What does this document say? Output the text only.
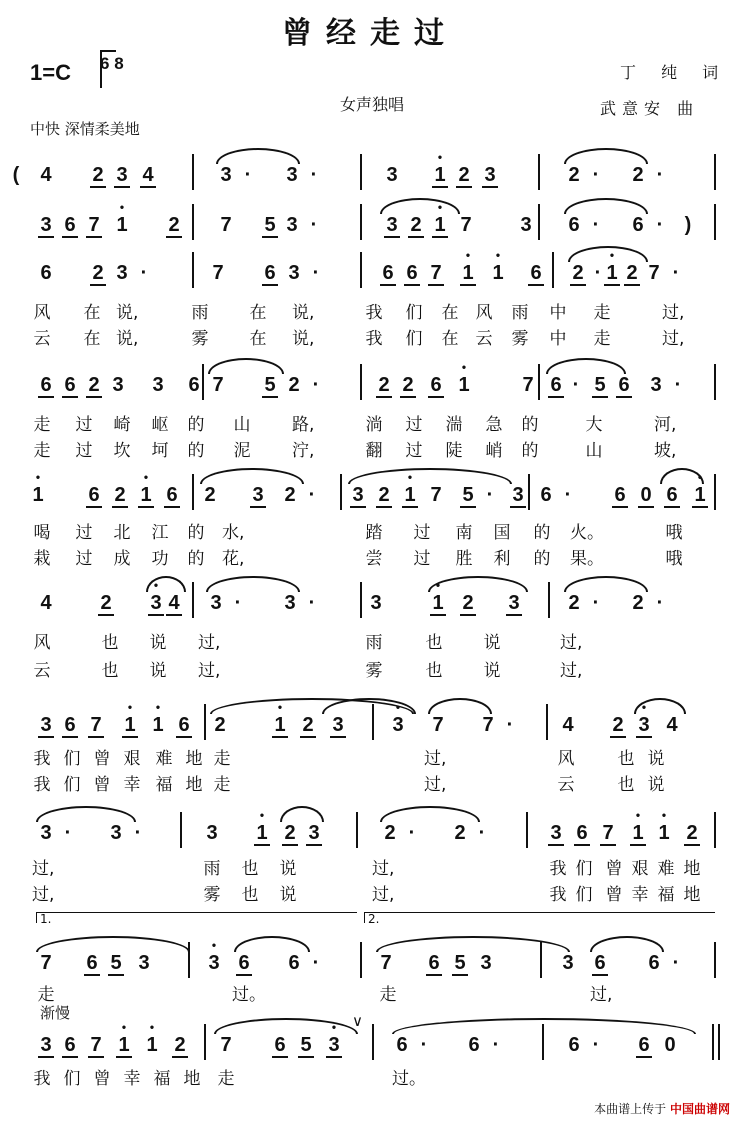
曾经走过
1=C 6 8
女声独唱
丁 纯 词
武意安 曲
中快 深情柔美地
( 4 2 3 4	3 · 3 ·	3 • 1 2 3	2 · 2 ·
3 6 7 • 1 2 7 5 3 ·	3 2 • 1 7 3 6 · 6 · )
6 2 3 ·	7 6 3 ·	6 6 7 • 1 • 1 6 2 · • 1 2 7 ·
6 6 2 3 3 6 7 5 2 ·	2 2 6 • 1	7 6 · 5 6 3 ·
• 1 6 2 • 1 6 2 3 2 · 3 2 • 1 7 5 · 3 6 · 6 0 6 • 1
4 2 • 3 4 3 · 3 ·	3	• 1 2 3 2 · 2 ·
3 6 7 • 1 • 1 6 2 • 1 2 3 • 3 7 7 · 4 2 • 3 4
3 · 3 ·	3 • 1 2 3	2 · 2 ·	3 6 7 • 1 • 1 2
7 6 5 3	• 3 6 6 ·	7 6 5 3	3 6 6 ·
3 6 7 • 1 • 1 2 7 6 5 • 3	6 · 6 ·	6 · 6 0
风 在 说,	雨 在 说,	我 们 在 风 雨 中 走	过,
云 在 说,	雾 在 说,	我 们 在 云 雾 中 走	过,
走 过 崎 岖 的 山 路,	淌 过 湍 急 的	大	河,
走 过 坎 坷 的 泥 泞,	翻 过 陡 峭 的	山	坡,
喝 过 北 江 的 水,	踏 过 南 国 的 火。	哦
栽 过 成 功 的 花,	尝 过 胜 利 的 果。	哦
风	也 说 过,	雨	也 说	过,
云	也 说 过,	雾	也 说	过,
我 们 曾 艰 难 地 走	过,	风	也 说
我 们 曾 幸 福 地 走	过,	云	也 说
过,	雨 也 说	过,	我 们 曾 艰 难 地
过,	雾 也 说	过,	我 们 曾 幸 福 地
走	过。	走	过,
我 们 曾 幸 福 地 走	过。
1.	2.
渐慢	∨
本曲谱上传于 中国曲谱网
